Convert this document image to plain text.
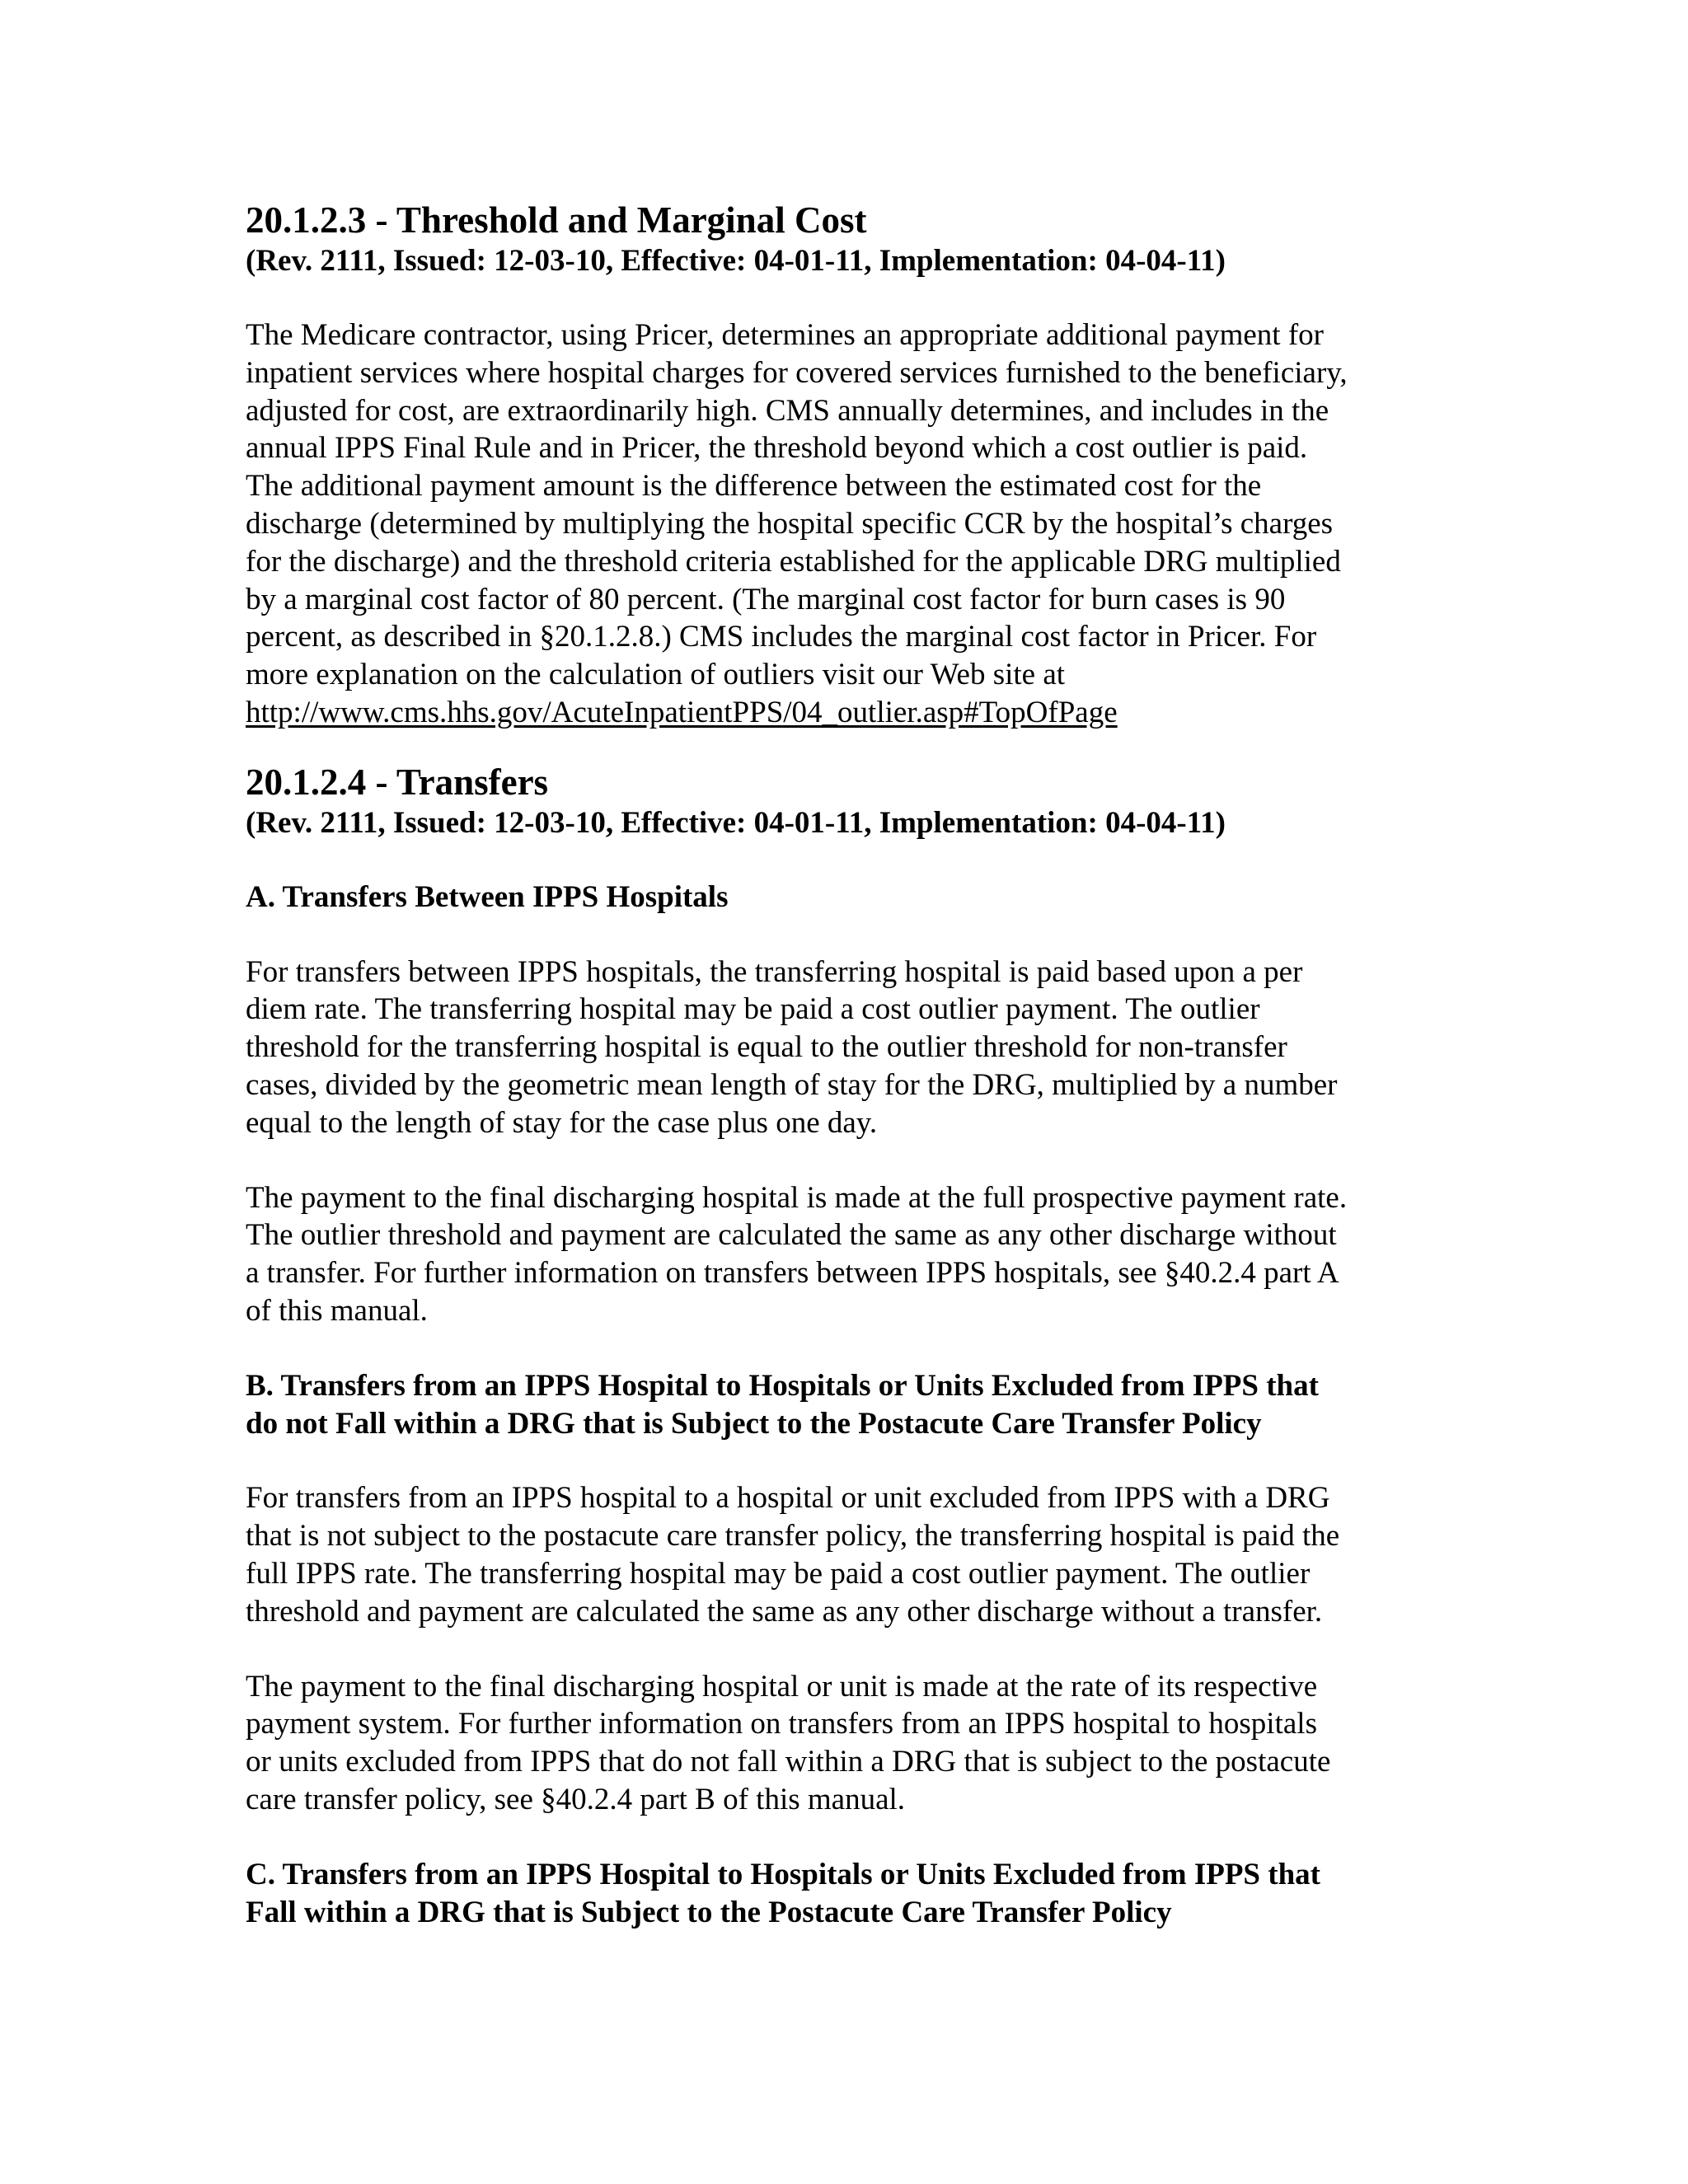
20.1.2.3 - Threshold and Marginal Cost

(Rev. 2111, Issued: 12-03-10, Effective: 04-01-11, Implementation: 04-04-11)

The Medicare contractor, using Pricer, determines an appropriate additional payment for
inpatient services where hospital charges for covered services furnished to the beneficiary,
adjusted for cost, are extraordinarily high. CMS annually determines, and includes in the
annual IPPS Final Rule and in Pricer, the threshold beyond which a cost outlier is paid.
The additional payment amount is the difference between the estimated cost for the
discharge (determined by multiplying the hospital specific CCR by the hospital’s charges
for the discharge) and the threshold criteria established for the applicable DRG multiplied
by a marginal cost factor of 80 percent. (The marginal cost factor for burn cases is 90
percent, as described in §20.1.2.8.) CMS includes the marginal cost factor in Pricer. For
more explanation on the calculation of outliers visit our Web site at
http://www.cms.hhs.gov/AcuteInpatientPPS/04_outlier.asp#TopOfPage
20.1.2.4 - Transfers

(Rev. 2111, Issued: 12-03-10, Effective: 04-01-11, Implementation: 04-04-11)

A. Transfers Between IPPS Hospitals
For transfers between IPPS hospitals, the transferring hospital is paid based upon a per
diem rate. The transferring hospital may be paid a cost outlier payment. The outlier
threshold for the transferring hospital is equal to the outlier threshold for non-transfer
cases, divided by the geometric mean length of stay for the DRG, multiplied by a number
equal to the length of stay for the case plus one day.
The payment to the final discharging hospital is made at the full prospective payment rate.
The outlier threshold and payment are calculated the same as any other discharge without
a transfer. For further information on transfers between IPPS hospitals, see §40.2.4 part A
of this manual.
B. Transfers from an IPPS Hospital to Hospitals or Units Excluded from IPPS that
do not Fall within a DRG that is Subject to the Postacute Care Transfer Policy
For transfers from an IPPS hospital to a hospital or unit excluded from IPPS with a DRG
that is not subject to the postacute care transfer policy, the transferring hospital is paid the
full IPPS rate. The transferring hospital may be paid a cost outlier payment. The outlier
threshold and payment are calculated the same as any other discharge without a transfer.
The payment to the final discharging hospital or unit is made at the rate of its respective
payment system. For further information on transfers from an IPPS hospital to hospitals
or units excluded from IPPS that do not fall within a DRG that is subject to the postacute
care transfer policy, see §40.2.4 part B of this manual.
C. Transfers from an IPPS Hospital to Hospitals or Units Excluded from IPPS that
Fall within a DRG that is Subject to the Postacute Care Transfer Policy
